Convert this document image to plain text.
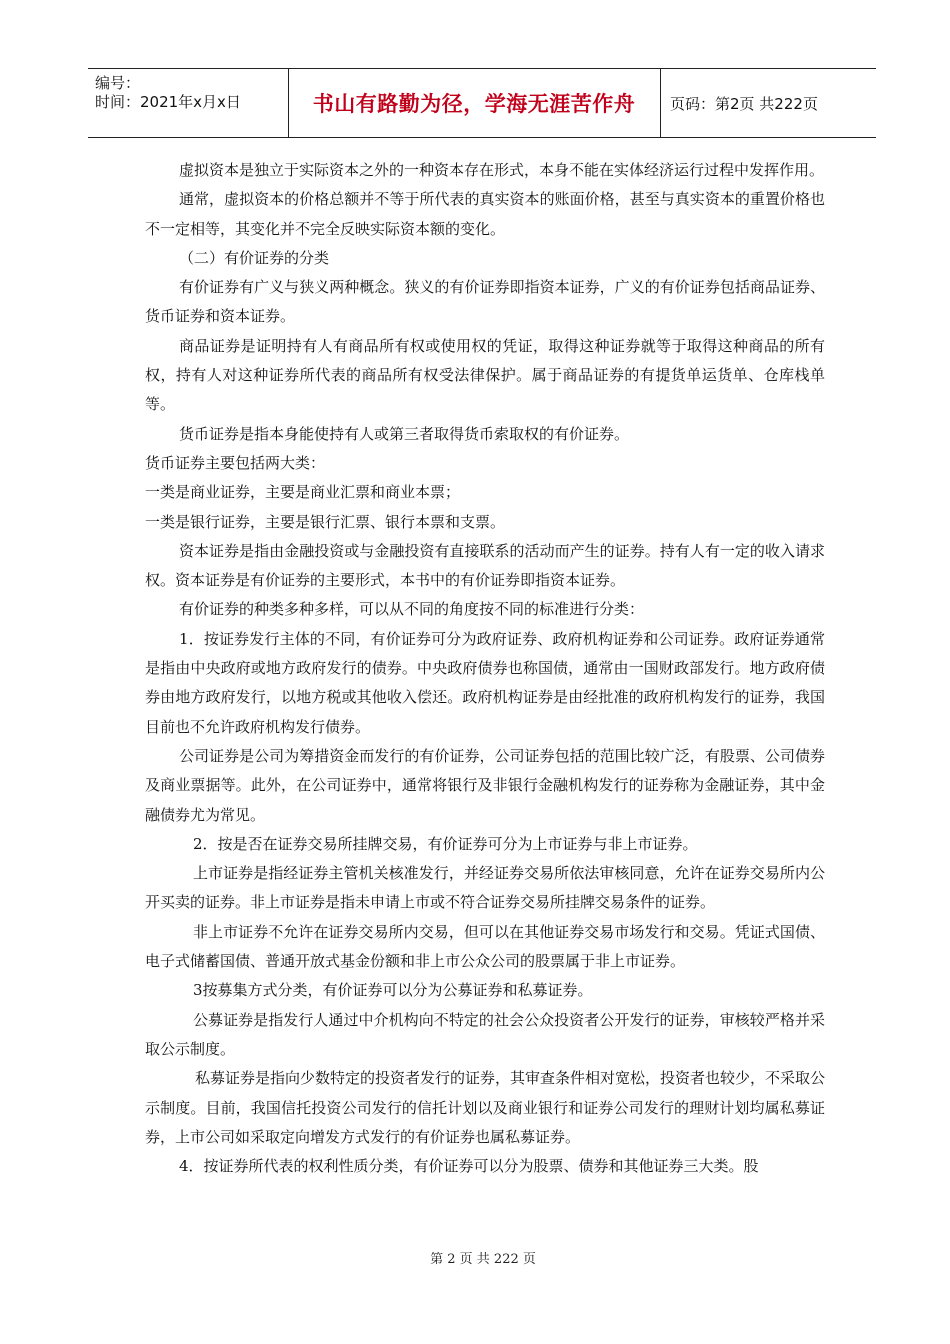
编号：
时间：2021年x月x日	书山有路勤为径，学海无涯苦作舟	页码：第2页 共222页

虚拟资本是独立于实际资本之外的一种资本存在形式，本身不能在实体经济运行过程中发挥作用。

通常，虚拟资本的价格总额并不等于所代表的真实资本的账面价格，甚至与真实资本的重置价格也不一定相等，其变化并不完全反映实际资本额的变化。

（二）有价证券的分类

有价证券有广义与狭义两种概念。狭义的有价证券即指资本证券，广义的有价证券包括商品证券、货币证券和资本证券。

商品证券是证明持有人有商品所有权或使用权的凭证，取得这种证券就等于取得这种商品的所有权，持有人对这种证券所代表的商品所有权受法律保护。属于商品证券的有提货单运货单、仓库栈单等。

货币证券是指本身能使持有人或第三者取得货币索取权的有价证券。

货币证券主要包括两大类：

一类是商业证券，主要是商业汇票和商业本票；

一类是银行证券，主要是银行汇票、银行本票和支票。

资本证券是指由金融投资或与金融投资有直接联系的活动而产生的证券。持有人有一定的收入请求权。资本证券是有价证券的主要形式，本书中的有价证券即指资本证券。

有价证券的种类多种多样，可以从不同的角度按不同的标准进行分类：

1．按证券发行主体的不同，有价证券可分为政府证券、政府机构证券和公司证券。政府证券通常是指由中央政府或地方政府发行的债券。中央政府债券也称国债，通常由一国财政部发行。地方政府债券由地方政府发行，以地方税或其他收入偿还。政府机构证券是由经批准的政府机构发行的证券，我国目前也不允许政府机构发行债券。

公司证券是公司为筹措资金而发行的有价证券，公司证券包括的范围比较广泛，有股票、公司债券及商业票据等。此外，在公司证券中，通常将银行及非银行金融机构发行的证券称为金融证券，其中金融债券尤为常见。

2．按是否在证券交易所挂牌交易，有价证券可分为上市证券与非上市证券。

上市证券是指经证券主管机关核准发行，并经证券交易所依法审核同意，允许在证券交易所内公开买卖的证券。非上市证券是指未申请上市或不符合证券交易所挂牌交易条件的证券。

非上市证券不允许在证券交易所内交易，但可以在其他证券交易市场发行和交易。凭证式国债、电子式储蓄国债、普通开放式基金份额和非上市公众公司的股票属于非上市证券。

3按募集方式分类，有价证券可以分为公募证券和私募证券。

公募证券是指发行人通过中介机构向不特定的社会公众投资者公开发行的证券，审核较严格并采取公示制度。

私募证券是指向少数特定的投资者发行的证券，其审查条件相对宽松，投资者也较少，不采取公示制度。目前，我国信托投资公司发行的信托计划以及商业银行和证券公司发行的理财计划均属私募证券，上市公司如采取定向增发方式发行的有价证券也属私募证券。

4．按证券所代表的权利性质分类，有价证券可以分为股票、债券和其他证券三大类。股

第 2 页 共 222 页
